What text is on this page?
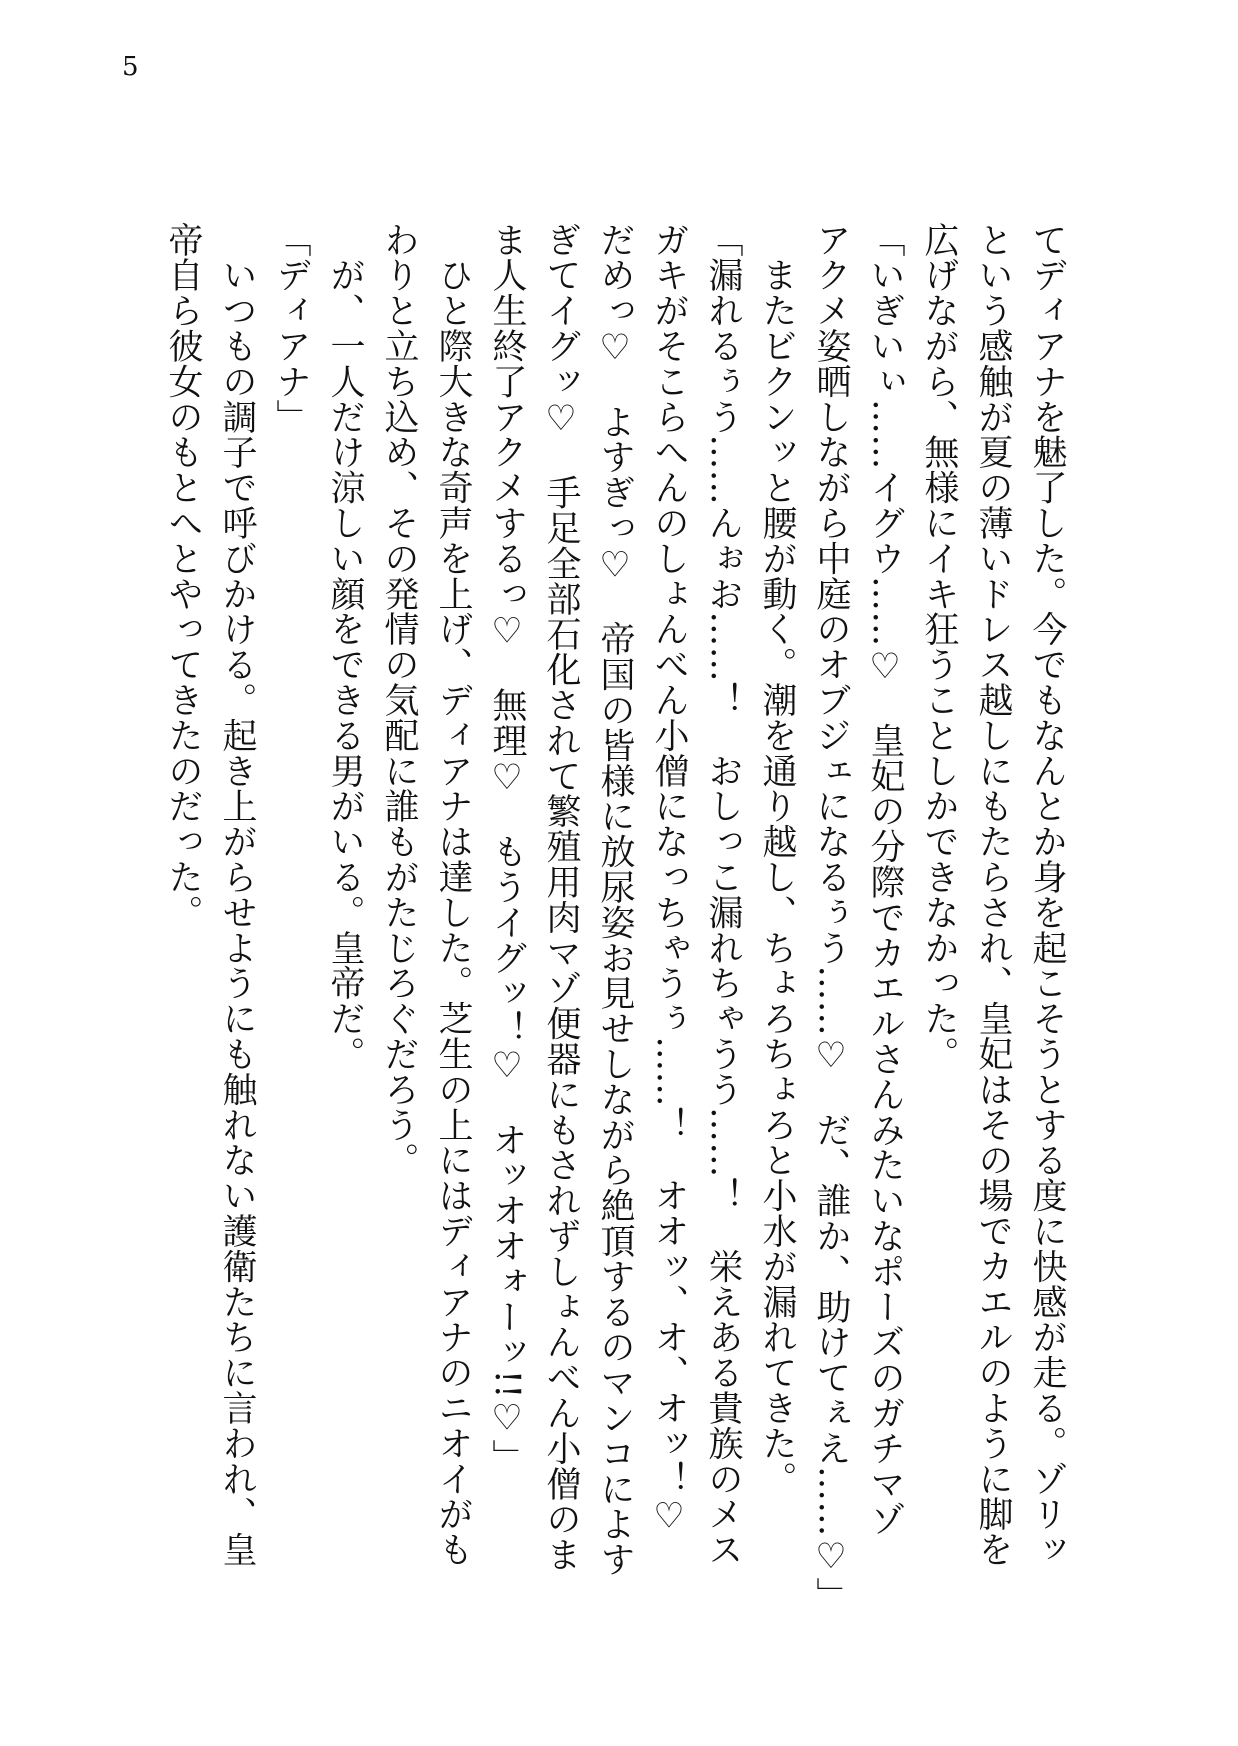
5
てディアナを魅了した。今でもなんとか身を起こそうとする度に快感が走る。ゾリッ
という感触が夏の薄いドレス越しにもたらされ、皇妃はその場でカエルのように脚を
広げながら、無様にイキ狂うことしかできなかった。
「いぎいぃ……イグウ……♡　皇妃の分際でカエルさんみたいなポーズのガチマゾ
アクメ姿晒しながら中庭のオブジェになるぅう……♡　だ、誰か、助けてぇえ……♡」
　またビクンッと腰が動く。潮を通り越し、ちょろちょろと小水が漏れてきた。
「漏れるぅう……んぉお……！　おしっこ漏れちゃうう……！　栄えある貴族のメス
ガキがそこらへんのしょんべん小僧になっちゃうぅ……！　オオッ、オ、オッ！♡
だめっ♡　よすぎっ♡　帝国の皆様に放尿姿お見せしながら絶頂するのマンコによす
ぎてイグッ♡　手足全部石化されて繁殖用肉マゾ便器にもされずしょんべん小僧のま
ま人生終了アクメするっ♡　無理♡　もうイグッ！♡　オッオオォーッ!!♡」
　ひと際大きな奇声を上げ、ディアナは達した。芝生の上にはディアナのニオイがも
わりと立ち込め、その発情の気配に誰もがたじろぐだろう。
　が、一人だけ涼しい顔をできる男がいる。皇帝だ。
「ディアナ」
　いつもの調子で呼びかける。起き上がらせようにも触れない護衛たちに言われ、皇
帝自ら彼女のもとへとやってきたのだった。
